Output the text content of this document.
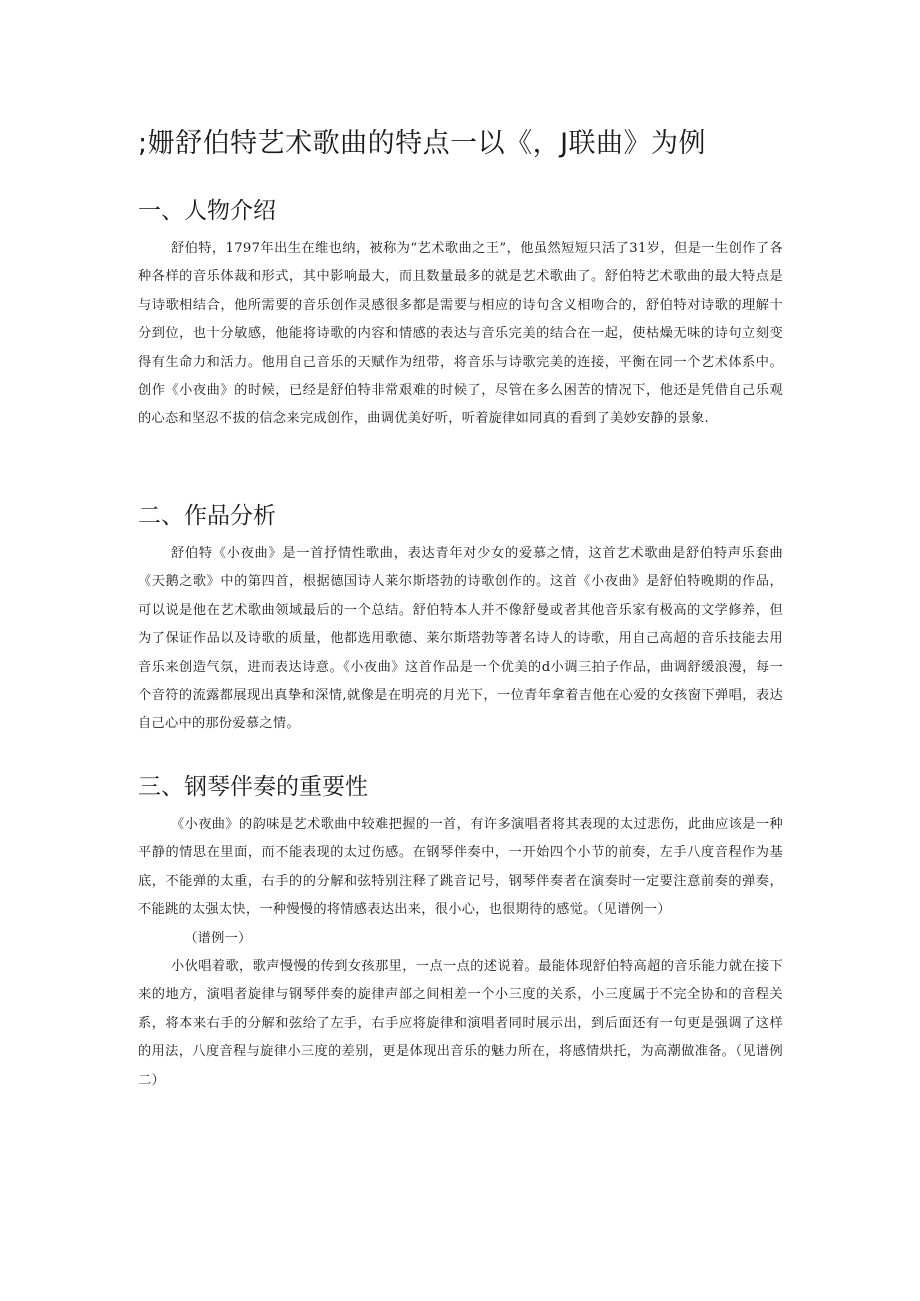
;姗舒伯特艺术歌曲的特点一以《，J联曲》为例
一、人物介绍

舒伯特，1797年出生在维也纳，被称为“艺术歌曲之王”，他虽然短短只活了31岁，但是一生创作了各种各样的音乐体裁和形式，其中影响最大，而且数量最多的就是艺术歌曲了。舒伯特艺术歌曲的最大特点是 与诗歌相结合，他所需要的音乐创作灵感很多都是需要与相应的诗句含义相吻合的，舒伯特对诗歌的理解十分到位，也十分敏感，他能将诗歌的内容和情感的表达与音乐完美的结合在一起，使枯燥无味的诗句立刻变得有生命力和活力。他用自己音乐的天赋作为纽带，将音乐与诗歌完美的连接，平衡在同一个艺术体系中。创作《小夜曲》的时候，已经是舒伯特非常艰难的时候了，尽管在多么困苦的情况下，他还是凭借自己乐观的心态和坚忍不拔的信念来完成创作，曲调优美好听，听着旋律如同真的看到了美妙安静的景象.

二、作品分析

舒伯特《小夜曲》是一首抒情性歌曲，表达青年对少女的爱慕之情，这首艺术歌曲是舒伯特声乐套曲《天鹅之歌》中的第四首，根据德国诗人莱尔斯塔勃的诗歌创作的。这首《小夜曲》是舒伯特晚期的作品，可以说是他在艺术歌曲领域最后的一个总结。舒伯特本人并不像舒曼或者其他音乐家有极高的文学修养，但为了保证作品以及诗歌的质量，他都选用歌德、莱尔斯塔勃等著名诗人的诗歌，用自己高超的音乐技能去用音乐来创造气氛，进而表达诗意。《小夜曲》这首作品是一个优美的d小调三拍子作品，曲调舒缓浪漫，每一个音符的流露都展现出真挚和深情,就像是在明亮的月光下，一位青年拿着吉他在心爱的女孩窗下弹唱，表达自己心中的那份爱慕之情。

三、钢琴伴奏的重要性

《小夜曲》的韵味是艺术歌曲中较难把握的一首，有许多演唱者将其表现的太过悲伤，此曲应该是一种平静的情思在里面，而不能表现的太过伤感。在钢琴伴奏中，一开始四个小节的前奏，左手八度音程作为基底，不能弹的太重，右手的的分解和弦特别注释了跳音记号，钢琴伴奏者在演奏时一定要注意前奏的弹奏，不能跳的太强太快，一种慢慢的将情感表达出来，很小心，也很期待的感觉。（见谱例一）

（谱例一）

小伙唱着歌，歌声慢慢的传到女孩那里，一点一点的述说着。最能体现舒伯特高超的音乐能力就在接下来的地方，演唱者旋律与钢琴伴奏的旋律声部之间相差一个小三度的关系，小三度属于不完全协和的音程关系，将本来右手的分解和弦给了左手，右手应将旋律和演唱者同时展示出，到后面还有一句更是强调了这样的用法，八度音程与旋律小三度的差别，更是体现出音乐的魅力所在，将感情烘托，为高潮做准备。（见谱例二）
